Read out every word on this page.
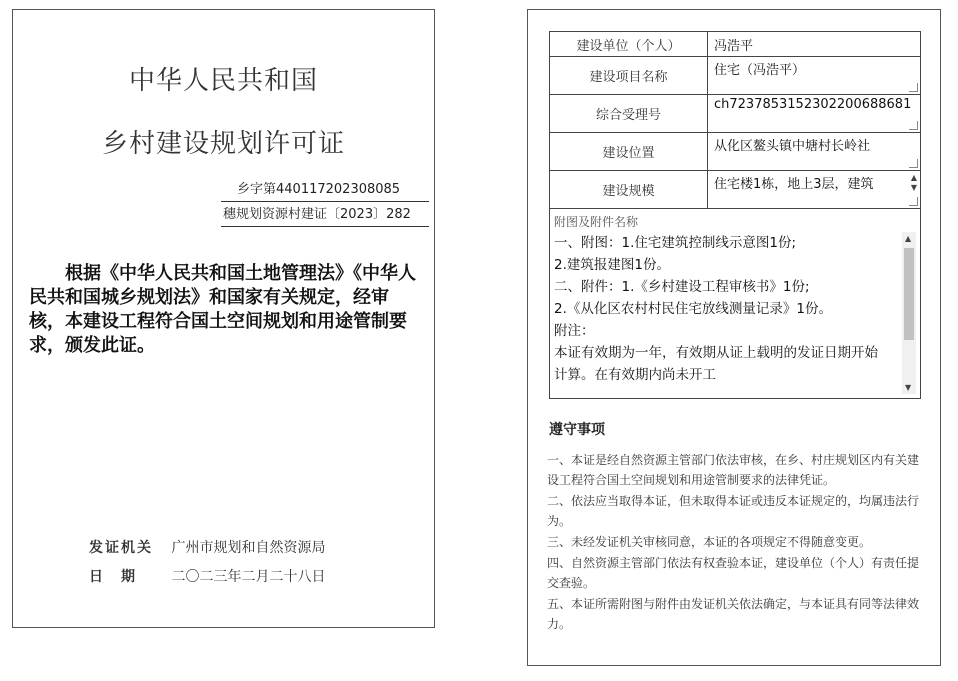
中华人民共和国
乡村建设规划许可证
乡字第440117202308085
穗规划资源村建证〔2023〕282
根据《中华人民共和国土地管理法》《中华人民共和国城乡规划法》和国家有关规定，经审核，本建设工程符合国土空间规划和用途管制要求，颁发此证。
发证机关 广州市规划和自然资源局
日　期 二〇二三年二月二十八日
建设单位（个人）	冯浩平

建设项目名称	住宅（冯浩平）

综合受理号	ch7237853152302200688681

建设位置	从化区鳌头镇中塘村长岭社

建设规模	住宅楼1栋，地上3层，建筑 ▲
▼
附图及附件名称

一、附图：1.住宅建筑控制线示意图1份;

2.建筑报建图1份。

二、附件：1.《乡村建设工程审核书》1份;

2.《从化区农村村民住宅放线测量记录》1份。

附注：

本证有效期为一年，有效期从证上载明的发证日期开始

计算。在有效期内尚未开工

▲
▼
遵守事项

一、本证是经自然资源主管部门依法审核，在乡、村庄规划区内有关建设工程符合国土空间规划和用途管制要求的法律凭证。

二、依法应当取得本证，但未取得本证或违反本证规定的，均属违法行为。

三、未经发证机关审核同意，本证的各项规定不得随意变更。

四、自然资源主管部门依法有权查验本证，建设单位（个人）有责任提交查验。

五、本证所需附图与附件由发证机关依法确定，与本证具有同等法律效力。
